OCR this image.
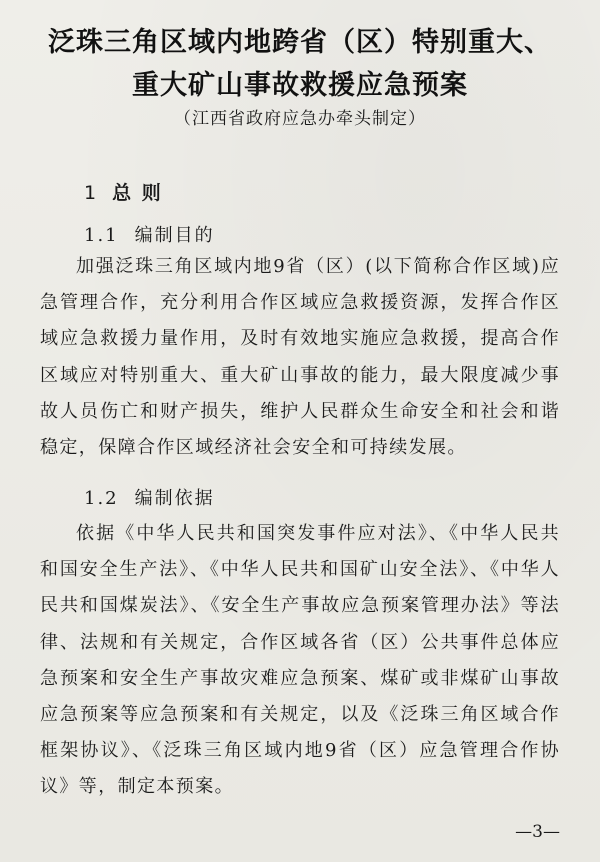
泛珠三角区域内地跨省（区）特别重大、
重大矿山事故救援应急预案
（江西省政府应急办牵头制定）
1 总 则
1.1 编制目的
加强泛珠三角区域内地9省（区）(以下简称合作区域)应急管理合作，充分利用合作区域应急救援资源，发挥合作区域应急救援力量作用，及时有效地实施应急救援，提高合作区域应对特别重大、重大矿山事故的能力，最大限度减少事故人员伤亡和财产损失，维护人民群众生命安全和社会和谐稳定，保障合作区域经济社会安全和可持续发展。
1.2 编制依据
依据《中华人民共和国突发事件应对法》、《中华人民共和国安全生产法》、《中华人民共和国矿山安全法》、《中华人民共和国煤炭法》、《安全生产事故应急预案管理办法》等法律、法规和有关规定，合作区域各省（区）公共事件总体应急预案和安全生产事故灾难应急预案、煤矿或非煤矿山事故应急预案等应急预案和有关规定，以及《泛珠三角区域合作框架协议》、《泛珠三角区域内地9省（区）应急管理合作协议》等，制定本预案。
—3—
